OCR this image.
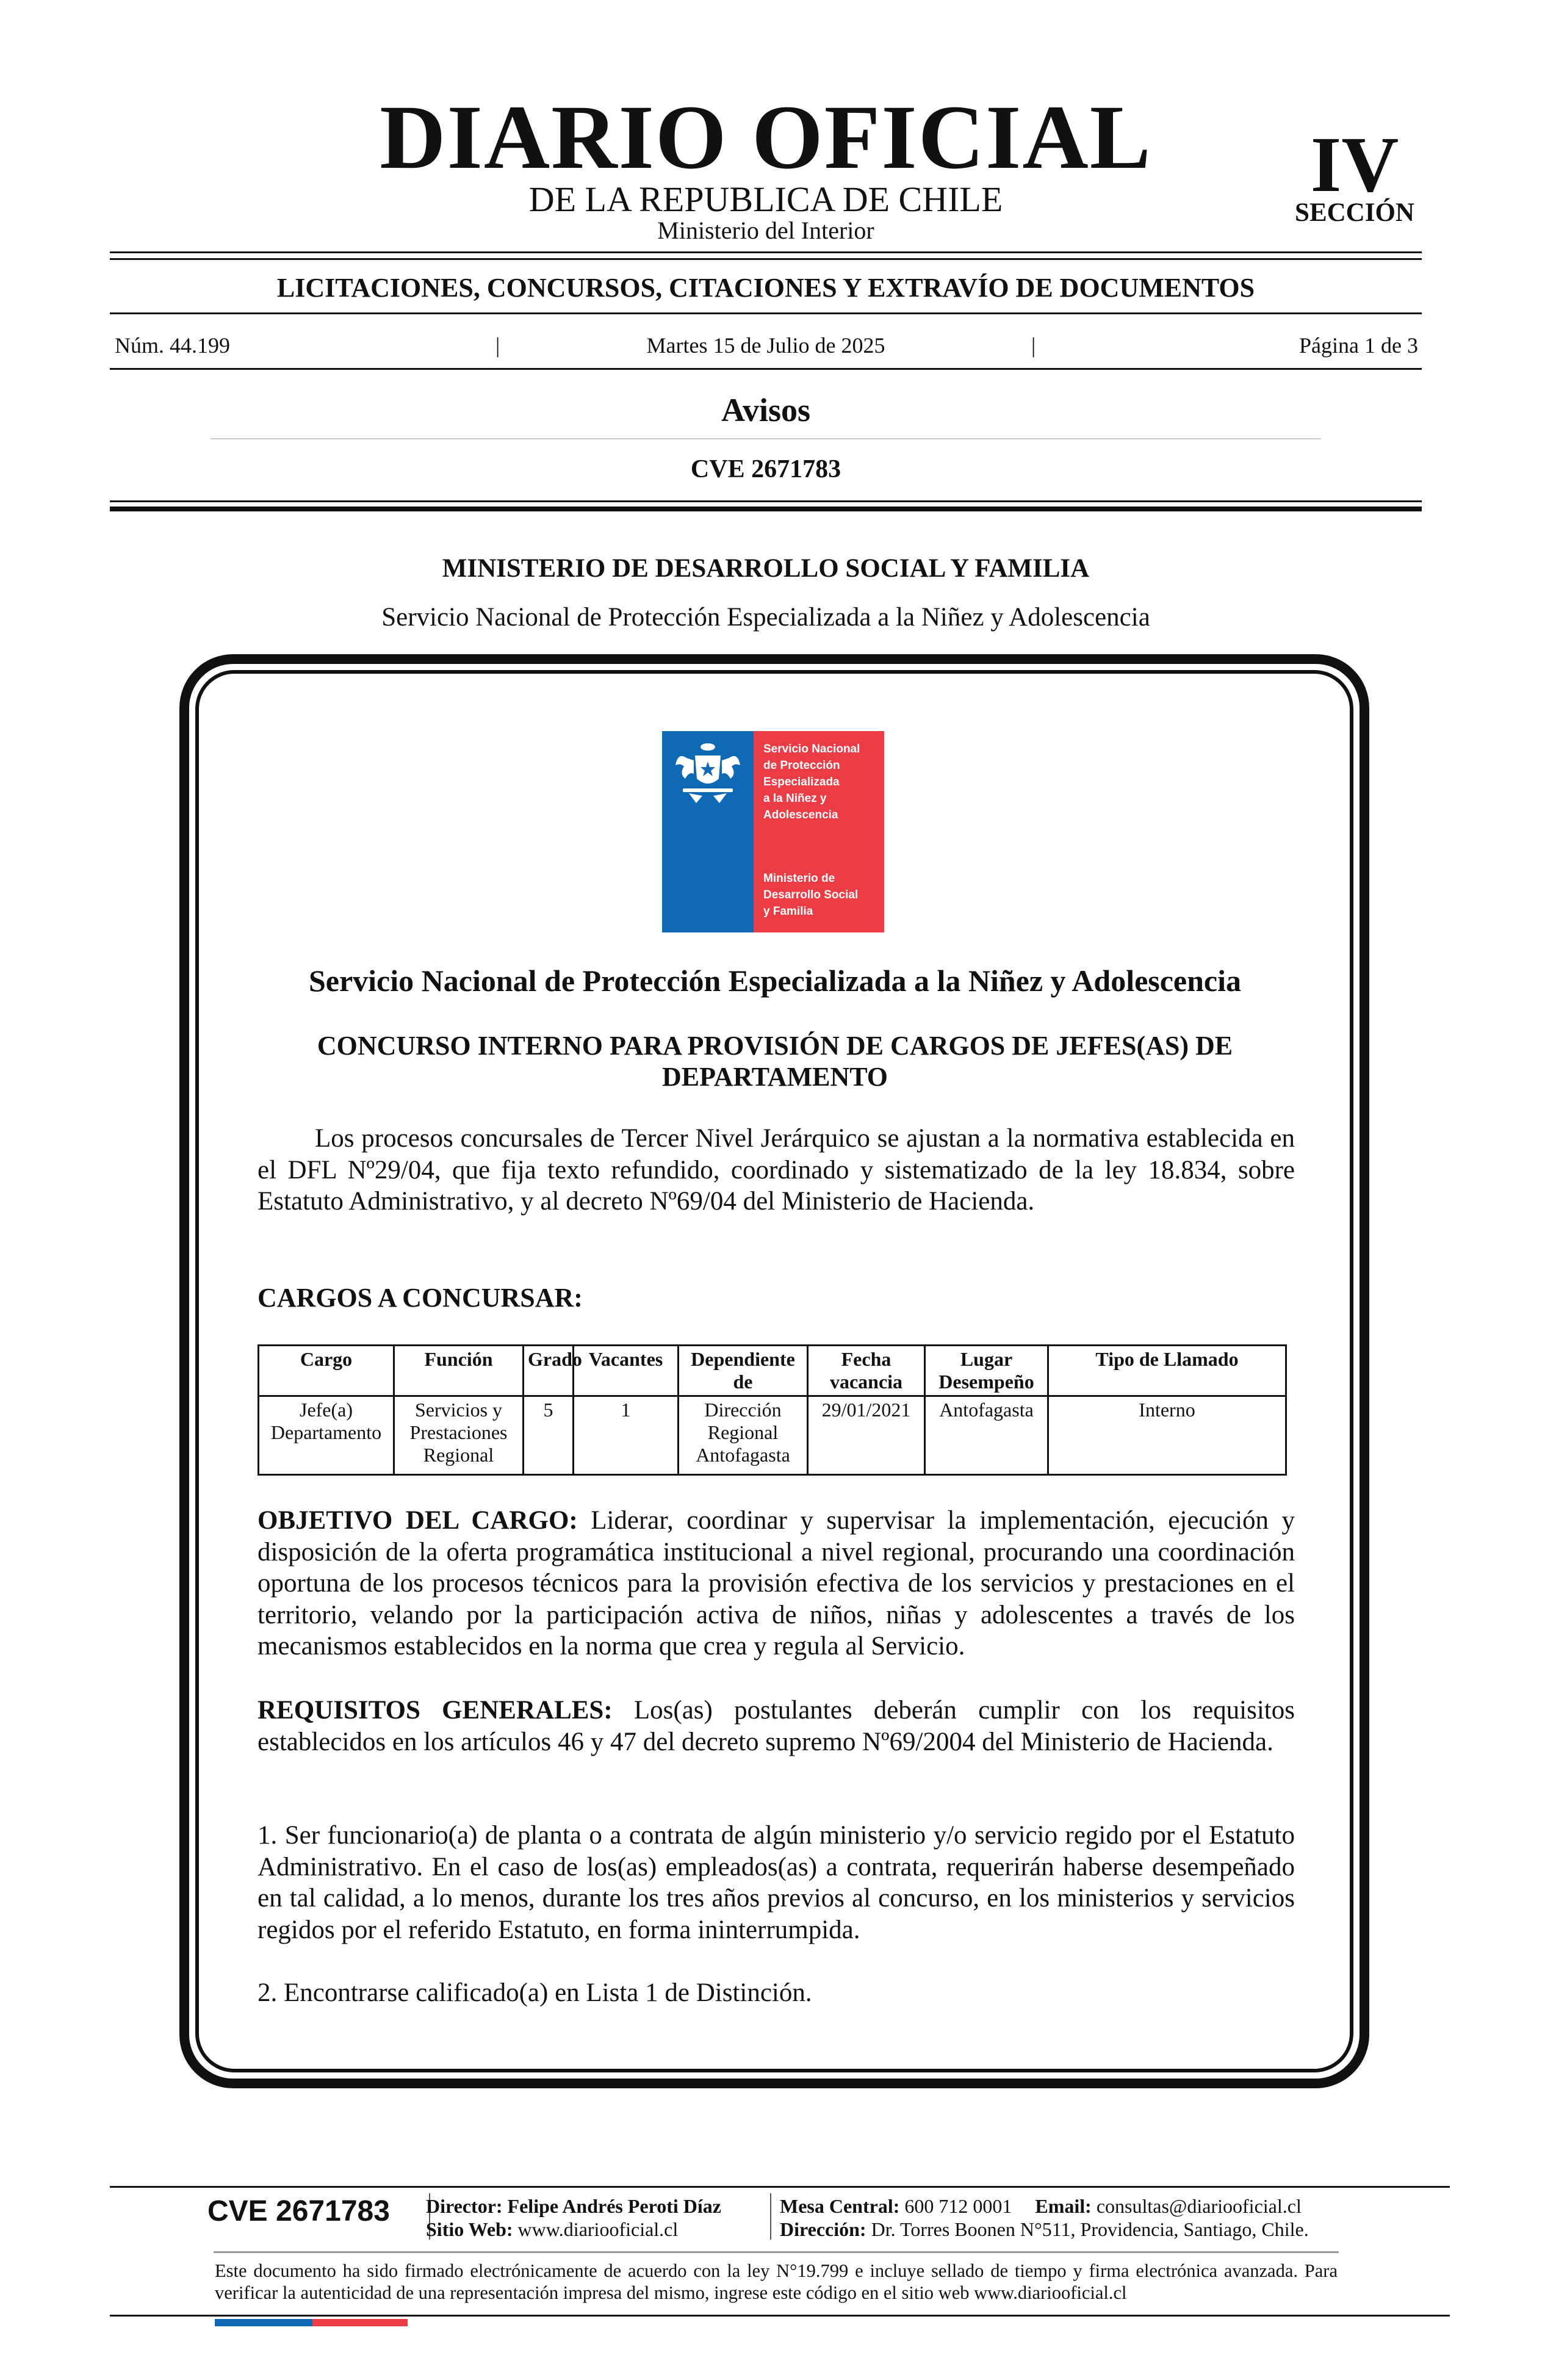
DIARIO OFICIAL
DE LA REPUBLICA DE CHILE
Ministerio del Interior
IV
SECCIÓN
LICITACIONES, CONCURSOS, CITACIONES Y EXTRAVÍO DE DOCUMENTOS
Núm. 44.199	|	Martes 15 de Julio de 2025	|	Página 1 de 3
Avisos
CVE 2671783
MINISTERIO DE DESARROLLO SOCIAL Y FAMILIA
Servicio Nacional de Protección Especializada a la Niñez y Adolescencia
Servicio Nacional
de Protección
Especializada
a la Niñez y
Adolescencia
Ministerio de
Desarrollo Social
y Familia
Servicio Nacional de Protección Especializada a la Niñez y Adolescencia
CONCURSO INTERNO PARA PROVISIÓN DE CARGOS DE JEFES(AS) DE DEPARTAMENTO
Los procesos concursales de Tercer Nivel Jerárquico se ajustan a la normativa establecida en el DFL Nº29/04, que fija texto refundido, coordinado y sistematizado de la ley 18.834, sobre Estatuto Administrativo, y al decreto Nº69/04 del Ministerio de Hacienda.
CARGOS A CONCURSAR:
Cargo	Función	Grado	Vacantes	Dependiente de	Fecha vacancia	Lugar Desempeño	Tipo de Llamado
Jefe(a) Departamento	Servicios y Prestaciones Regional	5	1	Dirección Regional Antofagasta	29/01/2021	Antofagasta	Interno
OBJETIVO DEL CARGO: Liderar, coordinar y supervisar la implementación, ejecución y disposición de la oferta programática institucional a nivel regional, procurando una coordinación oportuna de los procesos técnicos para la provisión efectiva de los servicios y prestaciones en el territorio, velando por la participación activa de niños, niñas y adolescentes a través de los mecanismos establecidos en la norma que crea y regula al Servicio.
REQUISITOS GENERALES: Los(as) postulantes deberán cumplir con los requisitos establecidos en los artículos 46 y 47 del decreto supremo Nº69/2004 del Ministerio de Hacienda.
1. Ser funcionario(a) de planta o a contrata de algún ministerio y/o servicio regido por el Estatuto Administrativo. En el caso de los(as) empleados(as) a contrata, requerirán haberse desempeñado en tal calidad, a lo menos, durante los tres años previos al concurso, en los ministerios y servicios regidos por el referido Estatuto, en forma ininterrumpida.
2. Encontrarse calificado(a) en Lista 1 de Distinción.
CVE 2671783 Director: Felipe Andrés Peroti Díaz
Sitio Web: www.diariooficial.cl
Mesa Central: 600 712 0001 Email: consultas@diariooficial.cl
Dirección: Dr. Torres Boonen N°511, Providencia, Santiago, Chile.
Este documento ha sido firmado electrónicamente de acuerdo con la ley N°19.799 e incluye sellado de tiempo y firma electrónica avanzada. Para verificar la autenticidad de una representación impresa del mismo, ingrese este código en el sitio web www.diariooficial.cl
